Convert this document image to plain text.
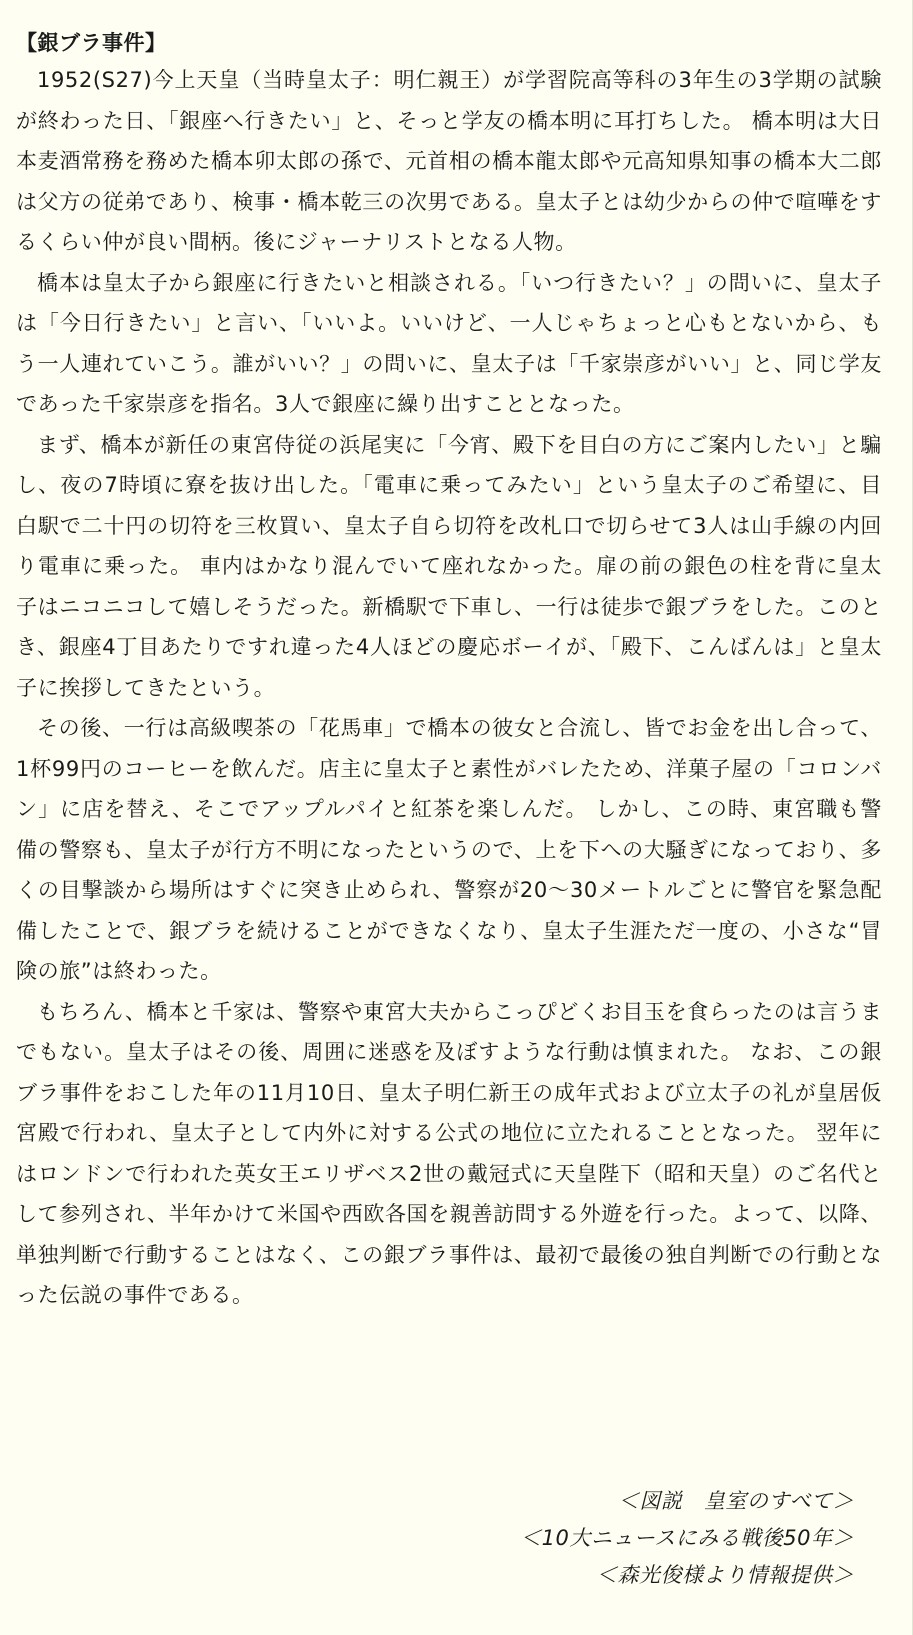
【銀ブラ事件】

1952(S27)今上天皇（当時皇太子：明仁親王）が学習院高等科の3年生の3学期の試験が終わった日、「銀座へ行きたい」と、そっと学友の橋本明に耳打ちした。 橋本明は大日本麦酒常務を務めた橋本卯太郎の孫で、元首相の橋本龍太郎や元高知県知事の橋本大二郎は父方の従弟であり、検事・橋本乾三の次男である。皇太子とは幼少からの仲で喧嘩をするくらい仲が良い間柄。後にジャーナリストとなる人物。

橋本は皇太子から銀座に行きたいと相談される。「いつ行きたい？」の問いに、皇太子は「今日行きたい」と言い、「いいよ。いいけど、一人じゃちょっと心もとないから、もう一人連れていこう。誰がいい？」の問いに、皇太子は「千家崇彦がいい」と、同じ学友であった千家崇彦を指名。3人で銀座に繰り出すこととなった。

まず、橋本が新任の東宮侍従の浜尾実に「今宵、殿下を目白の方にご案内したい」と騙し、夜の7時頃に寮を抜け出した。「電車に乗ってみたい」という皇太子のご希望に、目白駅で二十円の切符を三枚買い、皇太子自ら切符を改札口で切らせて3人は山手線の内回り電車に乗った。 車内はかなり混んでいて座れなかった。扉の前の銀色の柱を背に皇太子はニコニコして嬉しそうだった。新橋駅で下車し、一行は徒歩で銀ブラをした。このとき、銀座4丁目あたりですれ違った4人ほどの慶応ボーイが、「殿下、こんばんは」と皇太子に挨拶してきたという。

その後、一行は高級喫茶の「花馬車」で橋本の彼女と合流し、皆でお金を出し合って、1杯99円のコーヒーを飲んだ。店主に皇太子と素性がバレたため、洋菓子屋の「コロンバン」に店を替え、そこでアップルパイと紅茶を楽しんだ。 しかし、この時、東宮職も警備の警察も、皇太子が行方不明になったというので、上を下への大騒ぎになっており、多くの目撃談から場所はすぐに突き止められ、警察が20〜30メートルごとに警官を緊急配備したことで、銀ブラを続けることができなくなり、皇太子生涯ただ一度の、小さな“冒険の旅”は終わった。

もちろん、橋本と千家は、警察や東宮大夫からこっぴどくお目玉を食らったのは言うまでもない。皇太子はその後、周囲に迷惑を及ぼすような行動は慎まれた。 なお、この銀ブラ事件をおこした年の11月10日、皇太子明仁新王の成年式および立太子の礼が皇居仮宮殿で行われ、皇太子として内外に対する公式の地位に立たれることとなった。 翌年にはロンドンで行われた英女王エリザベス2世の戴冠式に天皇陛下（昭和天皇）のご名代として参列され、半年かけて米国や西欧各国を親善訪問する外遊を行った。よって、以降、単独判断で行動することはなく、この銀ブラ事件は、最初で最後の独自判断での行動となった伝説の事件である。

＜図説　皇室のすべて＞
＜10大ニュースにみる戦後50年＞
＜森光俊様より情報提供＞
